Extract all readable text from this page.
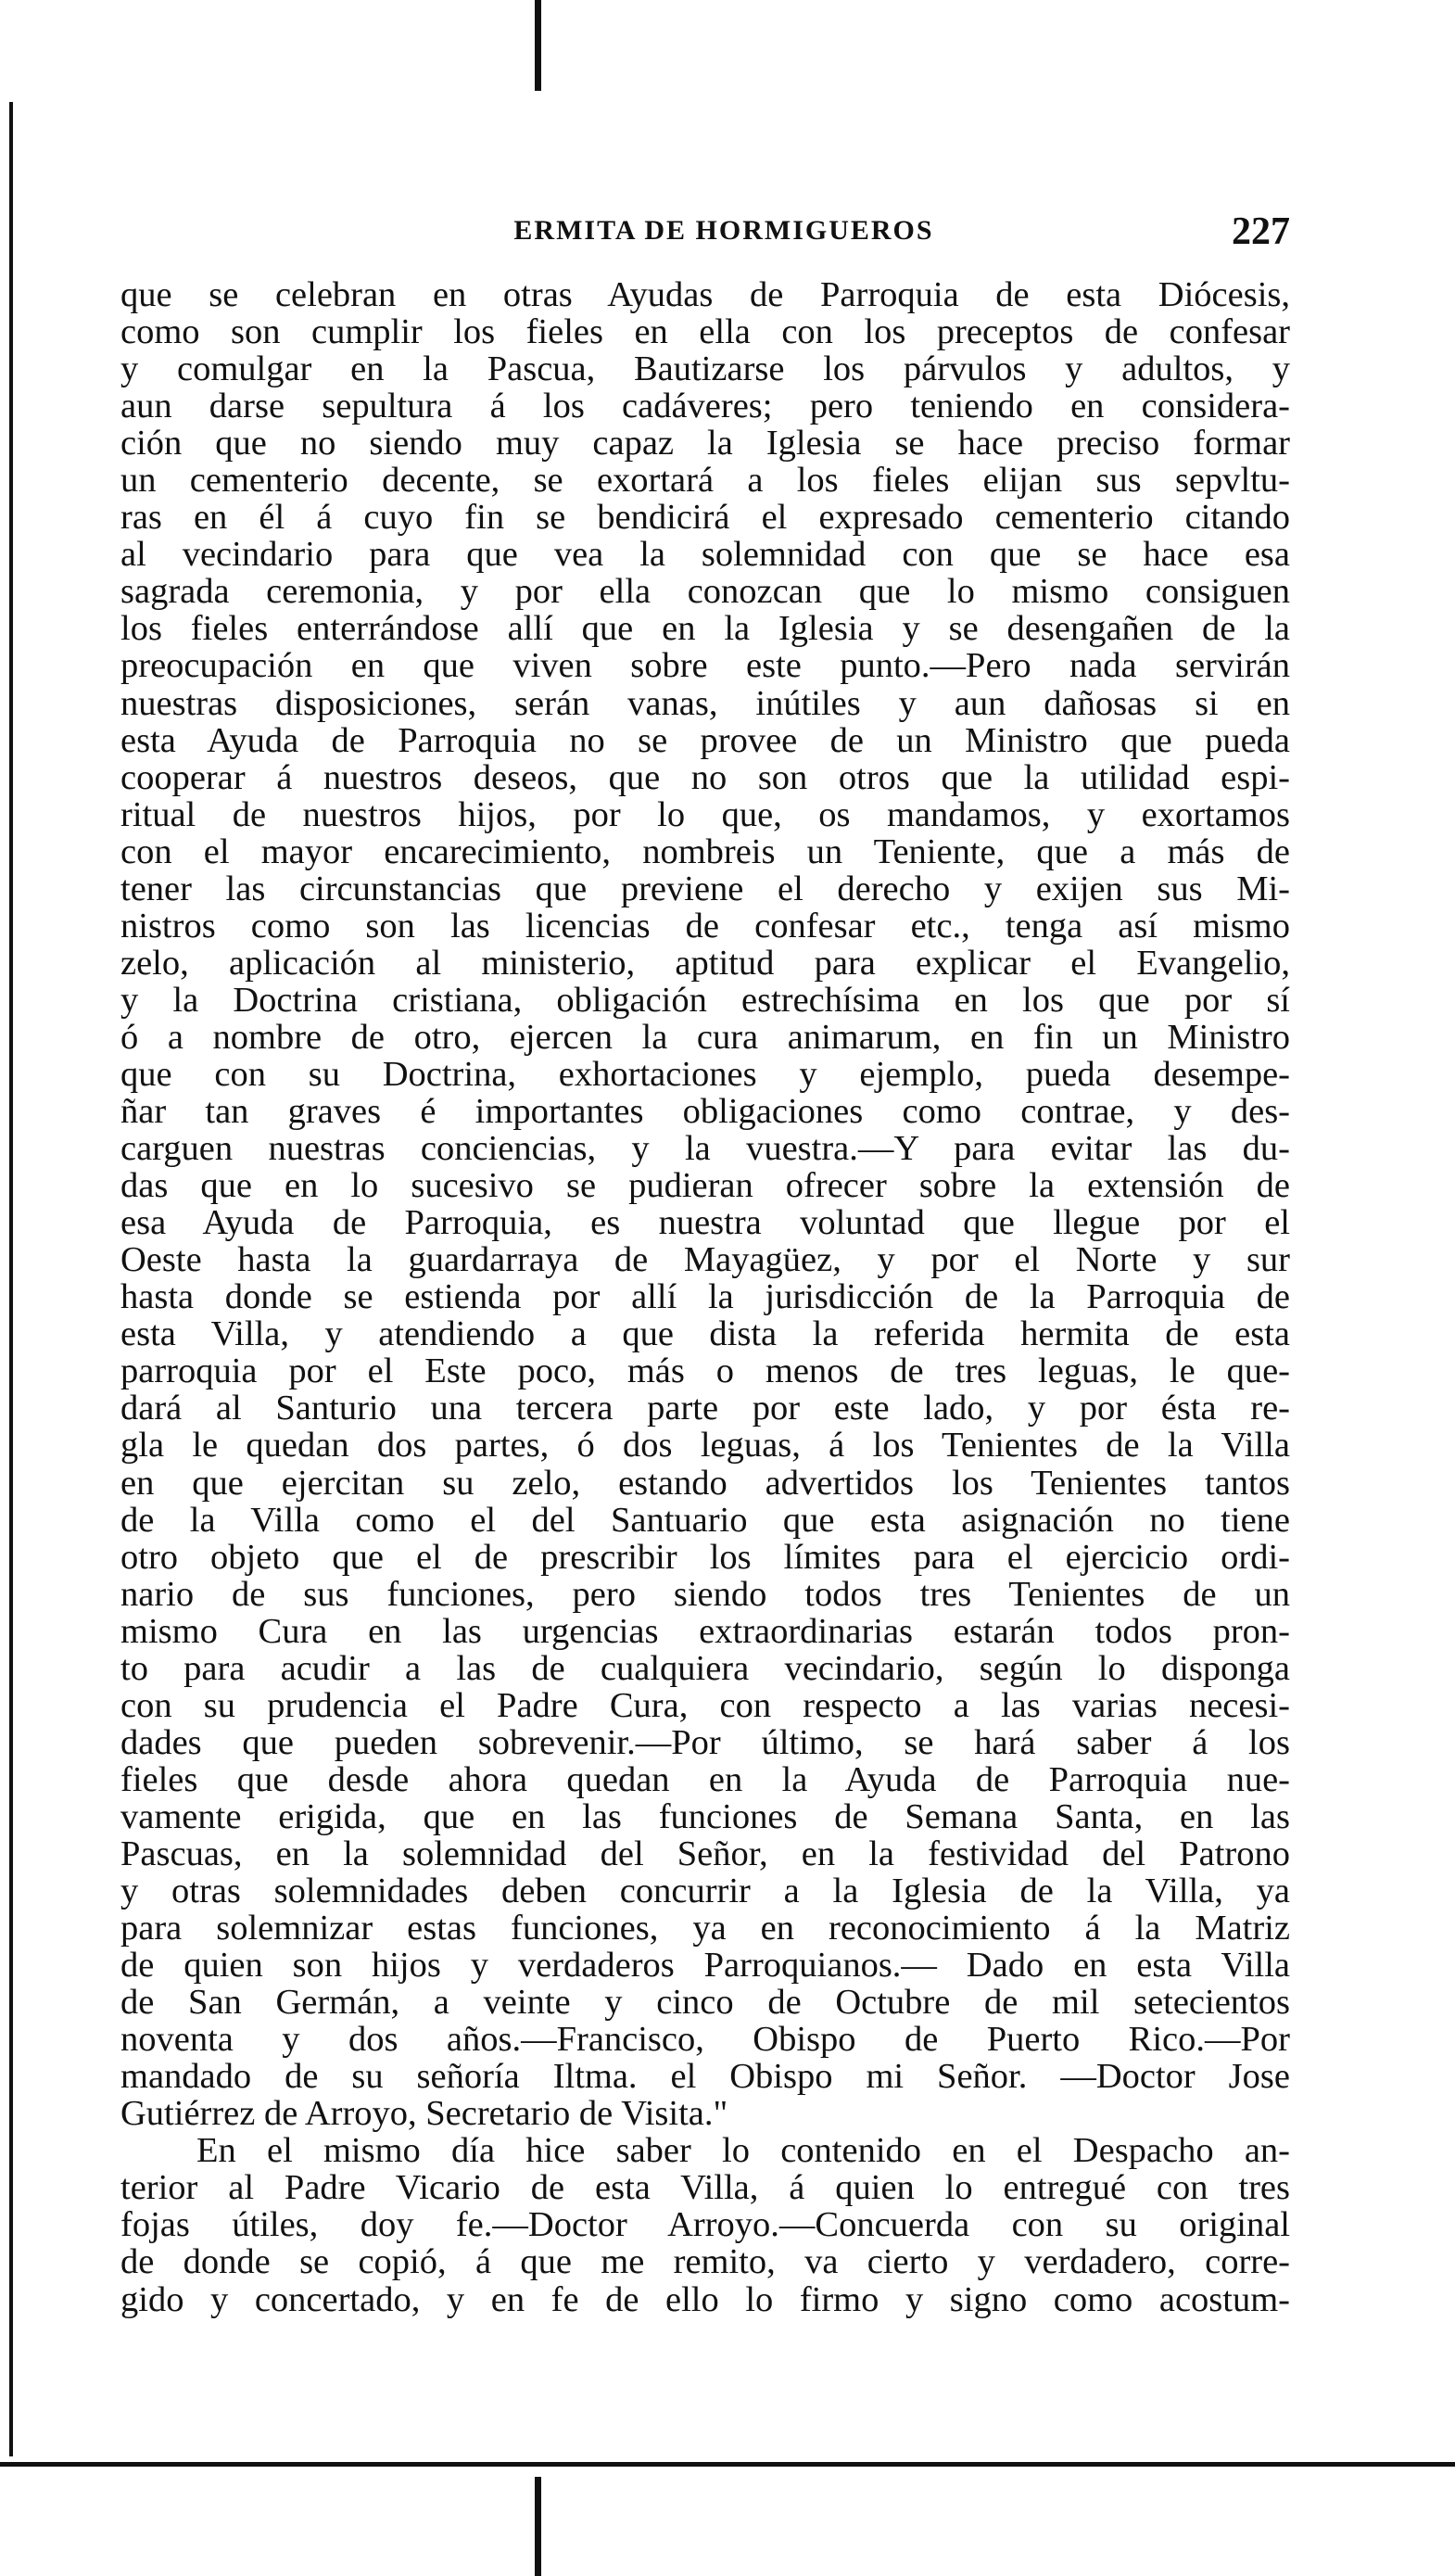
ERMITA DE HORMIGUEROS	227
que se celebran en otras Ayudas de Parroquia de esta Diócesis,
como son cumplir los fieles en ella con los preceptos de confesar
y comulgar en la Pascua, Bautizarse los párvulos y adultos, y
aun darse sepultura á los cadáveres; pero teniendo en considera-
ción que no siendo muy capaz la Iglesia se hace preciso formar
un cementerio decente, se exortará a los fieles elijan sus sepvltu-
ras en él á cuyo fin se bendicirá el expresado cementerio citando
al vecindario para que vea la solemnidad con que se hace esa
sagrada ceremonia, y por ella conozcan que lo mismo consiguen
los fieles enterrándose allí que en la Iglesia y se desengañen de la
preocupación en que viven sobre este punto.—Pero nada servirán
nuestras disposiciones, serán vanas, inútiles y aun dañosas si en
esta Ayuda de Parroquia no se provee de un Ministro que pueda
cooperar á nuestros deseos, que no son otros que la utilidad espi-
ritual de nuestros hijos, por lo que, os mandamos, y exortamos
con el mayor encarecimiento, nombreis un Teniente, que a más de
tener las circunstancias que previene el derecho y exijen sus Mi-
nistros como son las licencias de confesar etc., tenga así mismo
zelo, aplicación al ministerio, aptitud para explicar el Evangelio,
y la Doctrina cristiana, obligación estrechísima en los que por sí
ó a nombre de otro, ejercen la cura animarum, en fin un Ministro
que con su Doctrina, exhortaciones y ejemplo, pueda desempe-
ñar tan graves é importantes obligaciones como contrae, y des-
carguen nuestras conciencias, y la vuestra.—Y para evitar las du-
das que en lo sucesivo se pudieran ofrecer sobre la extensión de
esa Ayuda de Parroquia, es nuestra voluntad que llegue por el
Oeste hasta la guardarraya de Mayagüez, y por el Norte y sur
hasta donde se estienda por allí la jurisdicción de la Parroquia de
esta Villa, y atendiendo a que dista la referida hermita de esta
parroquia por el Este poco, más o menos de tres leguas, le que-
dará al Santurio una tercera parte por este lado, y por ésta re-
gla le quedan dos partes, ó dos leguas, á los Tenientes de la Villa
en que ejercitan su zelo, estando advertidos los Tenientes tantos
de la Villa como el del Santuario que esta asignación no tiene
otro objeto que el de prescribir los límites para el ejercicio ordi-
nario de sus funciones, pero siendo todos tres Tenientes de un
mismo Cura en las urgencias extraordinarias estarán todos pron-
to para acudir a las de cualquiera vecindario, según lo disponga
con su prudencia el Padre Cura, con respecto a las varias necesi-
dades que pueden sobrevenir.—Por último, se hará saber á los
fieles que desde ahora quedan en la Ayuda de Parroquia nue-
vamente erigida, que en las funciones de Semana Santa, en las
Pascuas, en la solemnidad del Señor, en la festividad del Patrono
y otras solemnidades deben concurrir a la Iglesia de la Villa, ya
para solemnizar estas funciones, ya en reconocimiento á la Matriz
de quien son hijos y verdaderos Parroquianos.— Dado en esta Villa
de San Germán, a veinte y cinco de Octubre de mil setecientos
noventa y dos años.—Francisco, Obispo de Puerto Rico.—Por
mandado de su señoría Iltma. el Obispo mi Señor. —Doctor Jose
Gutiérrez de Arroyo, Secretario de Visita."
En el mismo día hice saber lo contenido en el Despacho an-
terior al Padre Vicario de esta Villa, á quien lo entregué con tres
fojas útiles, doy fe.—Doctor Arroyo.—Concuerda con su original
de donde se copió, á que me remito, va cierto y verdadero, corre-
gido y concertado, y en fe de ello lo firmo y signo como acostum-
